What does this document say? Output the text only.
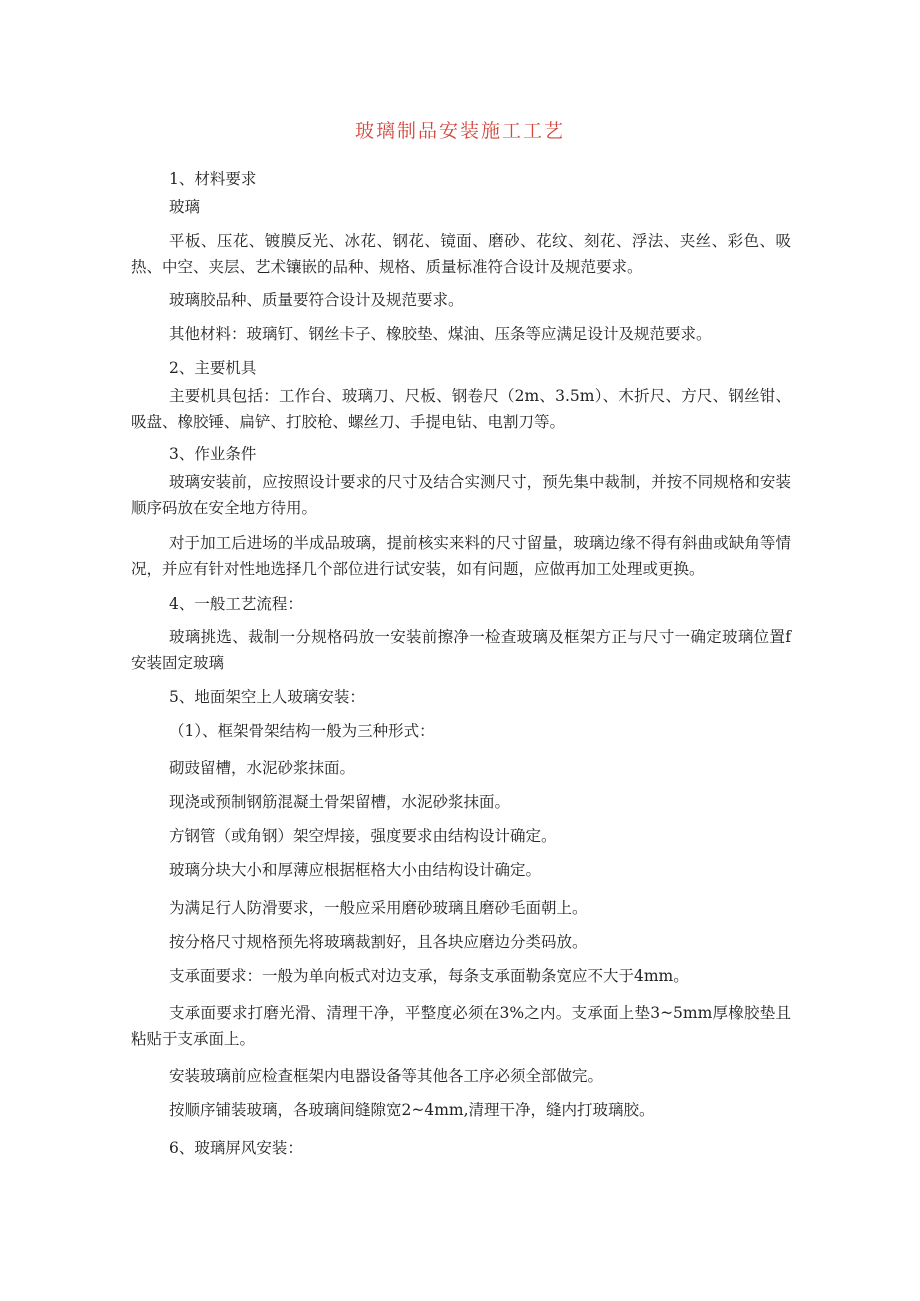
玻璃制品安装施工工艺

1、材料要求

玻璃

平板、压花、镀膜反光、冰花、钢花、镜面、磨砂、花纹、刻花、浮法、夹丝、彩色、吸热、中空、夹层、艺术镶嵌的品种、规格、质量标准符合设计及规范要求。

玻璃胶品种、质量要符合设计及规范要求。

其他材料：玻璃钉、钢丝卡子、橡胶垫、煤油、压条等应满足设计及规范要求。

2、主要机具

主要机具包括：工作台、玻璃刀、尺板、钢卷尺（2m、3.5m）、木折尺、方尺、钢丝钳、吸盘、橡胶锤、扁铲、打胶枪、螺丝刀、手提电钻、电割刀等。

3、作业条件

玻璃安装前，应按照设计要求的尺寸及结合实测尺寸，预先集中裁制，并按不同规格和安装顺序码放在安全地方待用。

对于加工后进场的半成品玻璃，提前核实来料的尺寸留量，玻璃边缘不得有斜曲或缺角等情况，并应有针对性地选择几个部位进行试安装，如有问题，应做再加工处理或更换。

4、一般工艺流程：

玻璃挑选、裁制一分规格码放一安装前擦净一检查玻璃及框架方正与尺寸一确定玻璃位置f安装固定玻璃

5、地面架空上人玻璃安装：

（1）、框架骨架结构一般为三种形式：

砌豉留槽，水泥砂浆抹面。

现浇或预制钢筋混凝土骨架留槽，水泥砂浆抹面。

方钢管（或角钢）架空焊接，强度要求由结构设计确定。

玻璃分块大小和厚薄应根据框格大小由结构设计确定。

为满足行人防滑要求，一般应采用磨砂玻璃且磨砂毛面朝上。

按分格尺寸规格预先将玻璃裁割好，且各块应磨边分类码放。

支承面要求：一般为单向板式对边支承，每条支承面勒条宽应不大于4mm。

支承面要求打磨光滑、清理干净，平整度必须在3%之内。支承面上垫3~5mm厚橡胶垫且粘贴于支承面上。

安装玻璃前应检查框架内电器设备等其他各工序必须全部做完。

按顺序铺装玻璃，各玻璃间缝隙宽2~4mm,清理干净，缝内打玻璃胶。

6、玻璃屏风安装：
